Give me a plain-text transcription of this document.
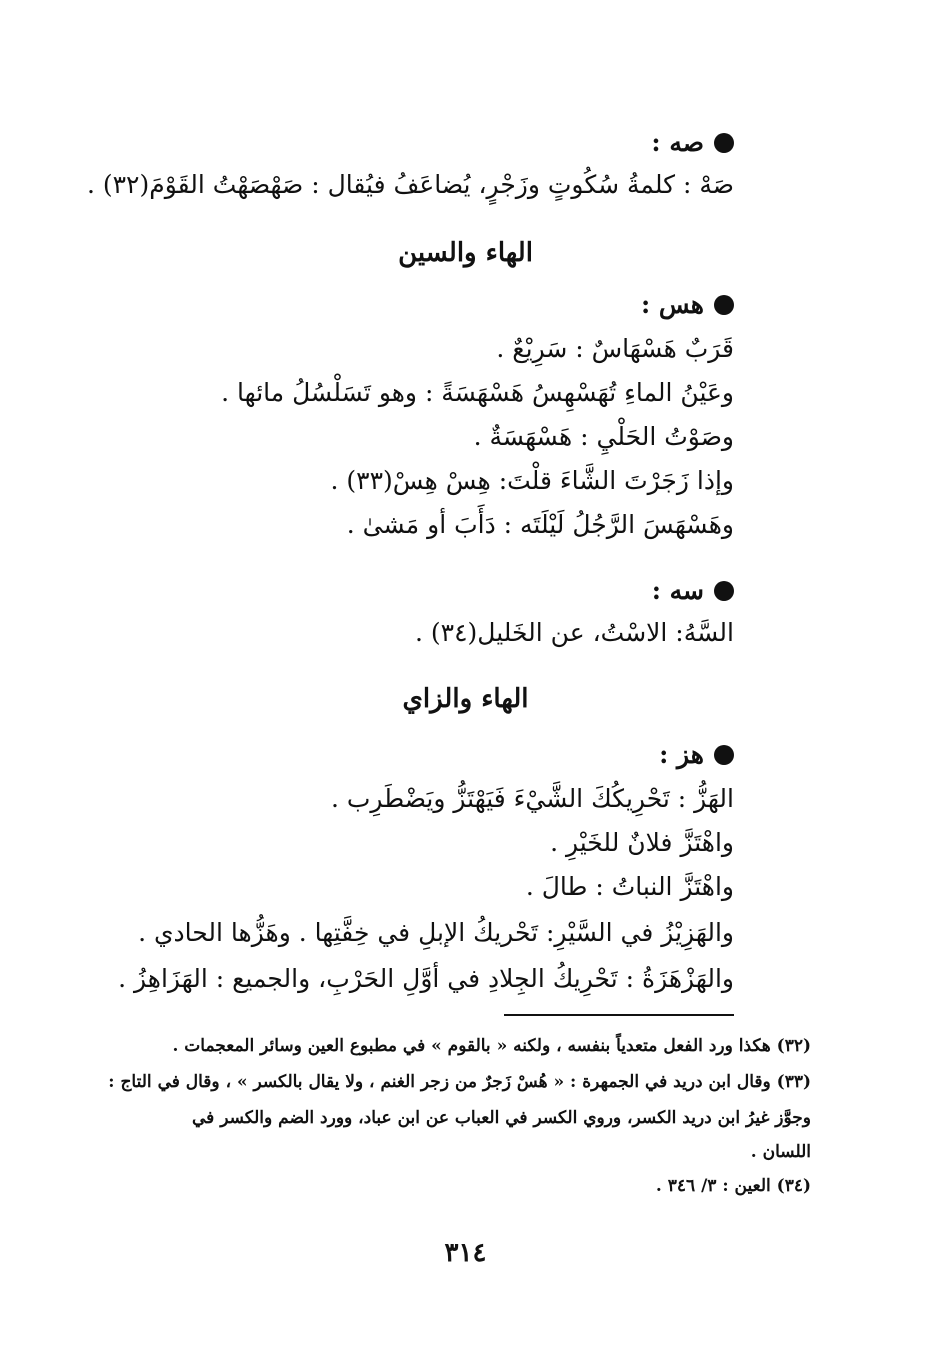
صه :

صَهْ : كلمةُ سُكُوتٍ وزَجْرٍ، يُضاعَفُ فيُقال : صَهْصَهْتُ القَوْمَ(٣٢) .

الهاء والسين
هس :

قَرَبٌ هَسْهَاسٌ : سَرِيْعٌ .

وعَيْنُ الماءِ تُهَسْهِسُ هَسْهَسَةً : وهو تَسَلْسُلُ مائها .

وصَوْتُ الحَلْيِ : هَسْهَسَةٌ .

وإذا زَجَرْتَ الشَّاءَ قلْتَ: هِسْ هِسْ(٣٣) .

وهَسْهَسَ الرَّجُلُ لَيْلَتَه : دَأَبَ أو مَشىٰ .

سه :

السَّهُ: الاسْتُ، عن الخَليل(٣٤) .

الهاء والزاي
هز :

الهَزُّ : تَحْرِيكُكَ الشَّيْءَ فَيَهْتَزُّ ويَضْطَرِب .

واهْتَزَّ فلانٌ للخَيْرِ .

واهْتَزَّ النباتُ : طالَ .

والهَزِيْزُ في السَّيْرِ: تَحْريكُ الإبلِ في خِفَّتِها . وهَزُّها الحادي .

والهَزْهَزَةُ : تَحْرِيكُ الجِلادِ في أوَّلِ الحَرْبِ، والجميع : الهَزَاهِزُ .

(٣٢) هكذا ورد الفعل متعدياً بنفسه ، ولكنه « بالقوم » في مطبوع العين وسائر المعجمات .

(٣٣) وقال ابن دريد في الجمهرة : « هُسْ زَجرٌ من زجر الغنم ، ولا يقال بالكسر » ، وقال في التاج :

وجوَّز غيرُ ابن دريد الكسر، وروي الكسر في العباب عن ابن عباد، وورد الضم والكسر في

اللسان .

(٣٤) العين : ٣/ ٣٤٦ .

٣١٤
